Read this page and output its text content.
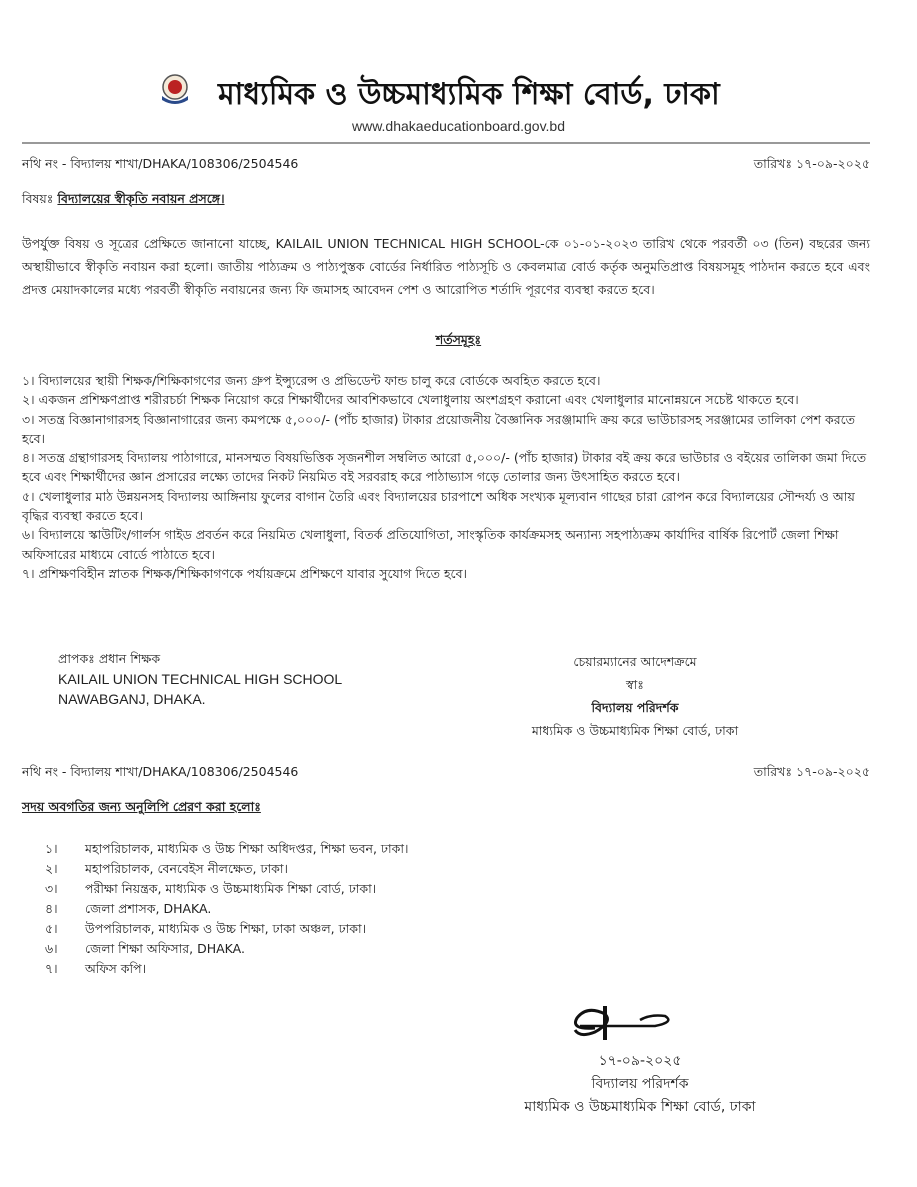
মাধ্যমিক ও উচ্চমাধ্যমিক শিক্ষা বোর্ড, ঢাকা
www.dhakaeducationboard.gov.bd
নথি নং - বিদ্যালয় শাখা/DHAKA/108306/2504546	তারিখঃ ১৭-০৯-২০২৫
বিষয়ঃ বিদ্যালয়ের স্বীকৃতি নবায়ন প্রসঙ্গে।
উপর্যুক্ত বিষয় ও সূত্রের প্রেক্ষিতে জানানো যাচ্ছে, KAILAIL UNION TECHNICAL HIGH SCHOOL-কে ০১-০১-২০২৩ তারিখ থেকে পরবর্তী ০৩ (তিন) বছরের জন্য অস্থায়ীভাবে স্বীকৃতি নবায়ন করা হলো। জাতীয় পাঠ্যক্রম ও পাঠ্যপুস্তক বোর্ডের নির্ধারিত পাঠ্যসূচি ও কেবলমাত্র বোর্ড কর্তৃক অনুমতিপ্রাপ্ত বিষয়সমূহ পাঠদান করতে হবে এবং প্রদত্ত মেয়াদকালের মধ্যে পরবর্তী স্বীকৃতি নবায়নের জন্য ফি জমাসহ আবেদন পেশ ও আরোপিত শর্তাদি পূরণের ব্যবস্থা করতে হবে।
শর্তসমূহঃ
১। বিদ্যালয়ের স্থায়ী শিক্ষক/শিক্ষিকাগণের জন্য গ্রুপ ইন্স্যুরেন্স ও প্রভিডেন্ট ফান্ড চালু করে বোর্ডকে অবহিত করতে হবে।
২। একজন প্রশিক্ষণপ্রাপ্ত শরীরচর্চা শিক্ষক নিয়োগ করে শিক্ষার্থীদের আবশিকভাবে খেলাধুলায় অংশগ্রহণ করানো এবং খেলাধুলার মানোন্নয়নে সচেষ্ট থাকতে হবে।
৩। সতন্ত্র বিজ্ঞানাগারসহ বিজ্ঞানাগারের জন্য কমপক্ষে ৫,০০০/- (পাঁচ হাজার) টাকার প্রয়োজনীয় বৈজ্ঞানিক সরঞ্জামাদি ক্রয় করে ভাউচারসহ সরঞ্জামের তালিকা পেশ করতে হবে।
৪। সতন্ত্র গ্রন্থাগারসহ বিদ্যালয় পাঠাগারে, মানসম্মত বিষয়ভিত্তিক সৃজনশীল সম্বলিত আরো ৫,০০০/- (পাঁচ হাজার) টাকার বই ক্রয় করে ভাউচার ও বইয়ের তালিকা জমা দিতে হবে এবং শিক্ষার্থীদের জ্ঞান প্রসারের লক্ষ্যে তাদের নিকট নিয়মিত বই সরবরাহ করে পাঠাভ্যাস গড়ে তোলার জন্য উৎসাহিত করতে হবে।
৫। খেলাধুলার মাঠ উন্নয়নসহ বিদ্যালয় আঙ্গিনায় ফুলের বাগান তৈরি এবং বিদ্যালয়ের চারপাশে অধিক সংখ্যক মূল্যবান গাছের চারা রোপন করে বিদ্যালয়ের সৌন্দর্য্য ও আয় বৃদ্ধির ব্যবস্থা করতে হবে।
৬। বিদ্যালয়ে স্কাউটিং/গার্লস গাইড প্রবর্তন করে নিয়মিত খেলাধুলা, বিতর্ক প্রতিযোগিতা, সাংস্কৃতিক কার্যক্রমসহ অন্যান্য সহপাঠ্যক্রম কার্যাদির বার্ষিক রিপোর্ট জেলা শিক্ষা অফিসারের মাধ্যমে বোর্ডে পাঠাতে হবে।
৭। প্রশিক্ষণবিহীন স্নাতক শিক্ষক/শিক্ষিকাগণকে পর্যায়ক্রমে প্রশিক্ষণে যাবার সুযোগ দিতে হবে।
প্রাপকঃ প্রধান শিক্ষক
KAILAIL UNION TECHNICAL HIGH SCHOOL
NAWABGANJ, DHAKA.
চেয়ারম্যানের আদেশক্রমে
স্বাঃ
বিদ্যালয় পরিদর্শক
মাধ্যমিক ও উচ্চমাধ্যমিক শিক্ষা বোর্ড, ঢাকা
নথি নং - বিদ্যালয় শাখা/DHAKA/108306/2504546	তারিখঃ ১৭-০৯-২০২৫
সদয় অবগতির জন্য অনুলিপি প্রেরণ করা হলোঃ
১। মহাপরিচালক, মাধ্যমিক ও উচ্চ শিক্ষা অধিদপ্তর, শিক্ষা ভবন, ঢাকা।
২। মহাপরিচালক, বেনবেইস নীলক্ষেত, ঢাকা।
৩। পরীক্ষা নিয়ন্ত্রক, মাধ্যমিক ও উচ্চমাধ্যমিক শিক্ষা বোর্ড, ঢাকা।
৪। জেলা প্রশাসক, DHAKA.
৫। উপপরিচালক, মাধ্যমিক ও উচ্চ শিক্ষা, ঢাকা অঞ্চল, ঢাকা।
৬। জেলা শিক্ষা অফিসার, DHAKA.
৭। অফিস কপি।
১৭-০৯-২০২৫
বিদ্যালয় পরিদর্শক
মাধ্যমিক ও উচ্চমাধ্যমিক শিক্ষা বোর্ড, ঢাকা
